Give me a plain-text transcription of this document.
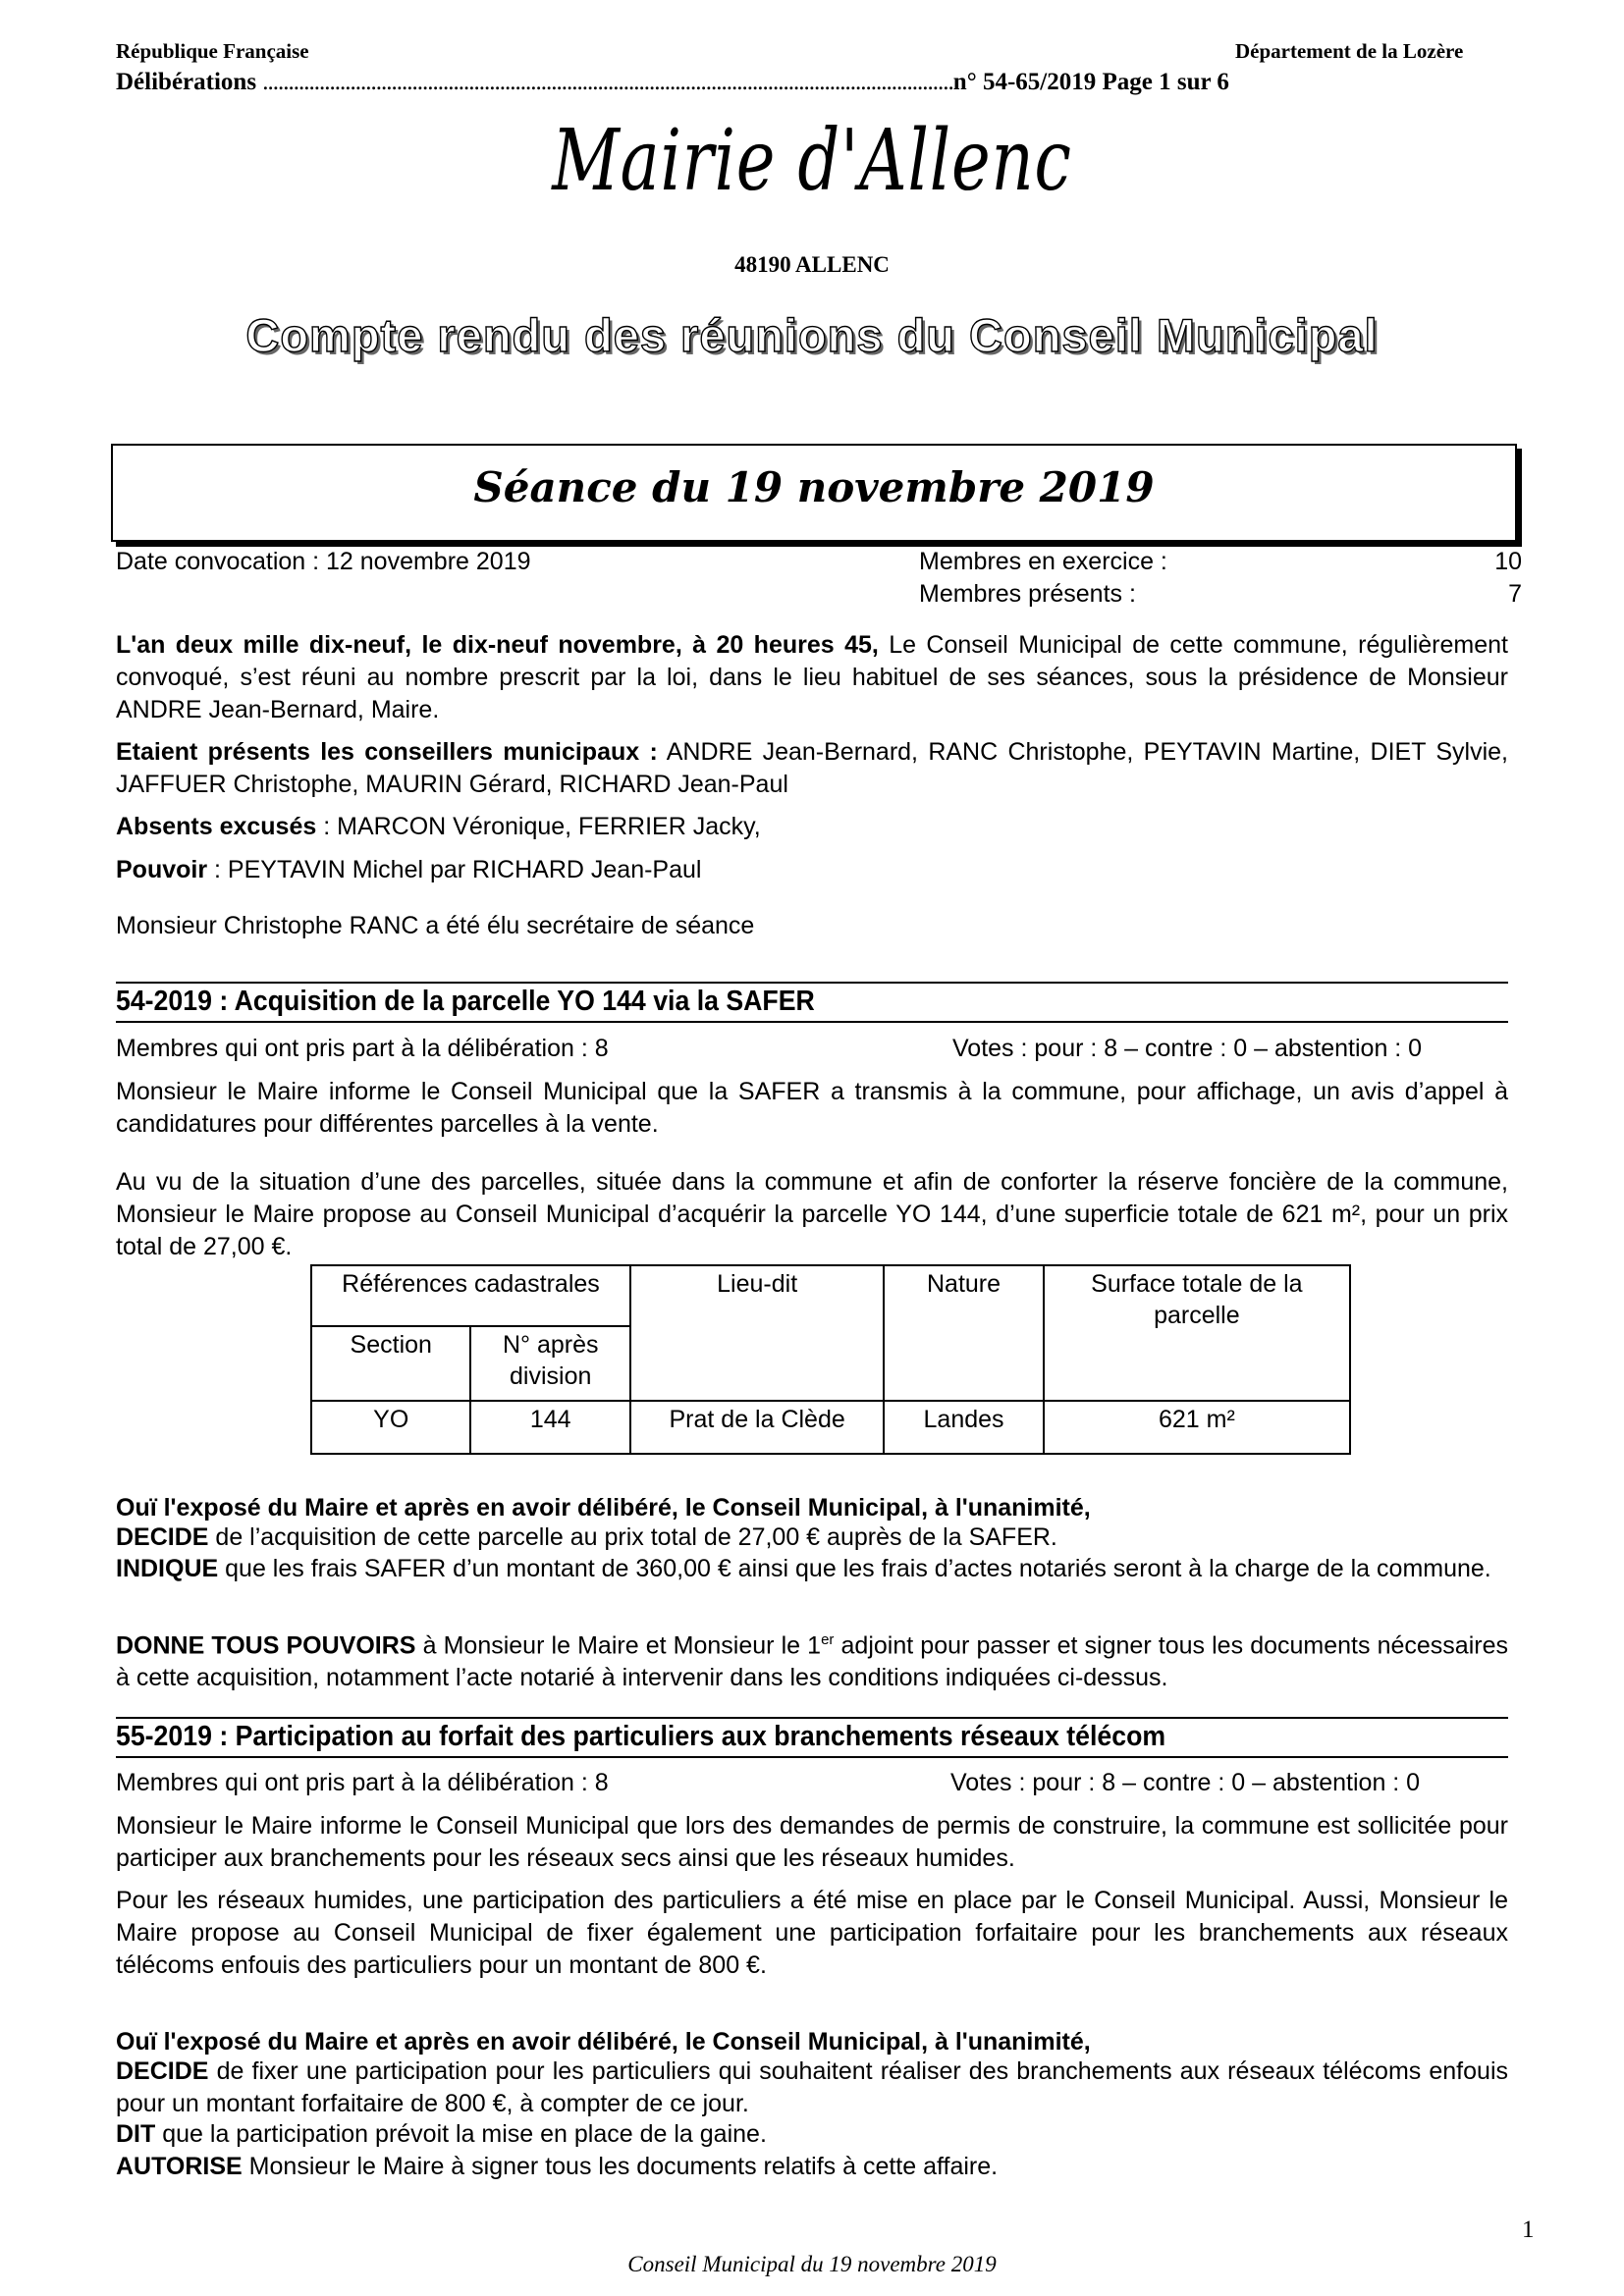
République Française	Département de la Lozère
Délibérations ......................................................................................................................................n° 54-65/2019 Page 1 sur 6
Mairie d'Allenc
48190 ALLENC
Compte rendu des réunions du Conseil Municipal
Séance du 19 novembre 2019
Date convocation : 12 novembre 2019	Membres en exercice :	10
Membres présents :	7
L'an deux mille dix-neuf, le dix-neuf novembre, à 20 heures 45, Le Conseil Municipal de cette commune, régulièrement convoqué, s’est réuni au nombre prescrit par la loi, dans le lieu habituel de ses séances, sous la présidence de Monsieur ANDRE Jean-Bernard, Maire.
Etaient présents les conseillers municipaux : ANDRE Jean-Bernard, RANC Christophe, PEYTAVIN Martine, DIET Sylvie, JAFFUER Christophe, MAURIN Gérard, RICHARD Jean-Paul
Absents excusés : MARCON Véronique, FERRIER Jacky,
Pouvoir : PEYTAVIN Michel par RICHARD Jean-Paul
Monsieur Christophe RANC a été élu secrétaire de séance
54-2019 : Acquisition de la parcelle YO 144 via la SAFER
Membres qui ont pris part à la délibération : 8	Votes : pour : 8 – contre : 0 – abstention : 0
Monsieur le Maire informe le Conseil Municipal que la SAFER a transmis à la commune, pour affichage, un avis d’appel à candidatures pour différentes parcelles à la vente.
Au vu de la situation d’une des parcelles, située dans la commune et afin de conforter la réserve foncière de la commune, Monsieur le Maire propose au Conseil Municipal d’acquérir la parcelle YO 144, d’une superficie totale de 621 m², pour un prix total de 27,00 €.
Références cadastrales		Lieu-dit	Nature	Surface totale de la parcelle
Section	N° après division			
YO	144	Prat de la Clède	Landes	621 m²
Ouï l'exposé du Maire et après en avoir délibéré, le Conseil Municipal, à l'unanimité,
DECIDE de l’acquisition de cette parcelle au prix total de 27,00 € auprès de la SAFER.
INDIQUE que les frais SAFER d’un montant de 360,00 € ainsi que les frais d’actes notariés seront à la charge de la commune.
DONNE TOUS POUVOIRS à Monsieur le Maire et Monsieur le 1er adjoint pour passer et signer tous les documents nécessaires à cette acquisition, notamment l’acte notarié à intervenir dans les conditions indiquées ci-dessus.
55-2019 : Participation au forfait des particuliers aux branchements réseaux télécom
Membres qui ont pris part à la délibération : 8	Votes : pour : 8 – contre : 0 – abstention : 0
Monsieur le Maire informe le Conseil Municipal que lors des demandes de permis de construire, la commune est sollicitée pour participer aux branchements pour les réseaux secs ainsi que les réseaux humides.
Pour les réseaux humides, une participation des particuliers a été mise en place par le Conseil Municipal. Aussi, Monsieur le Maire propose au Conseil Municipal de fixer également une participation forfaitaire pour les branchements aux réseaux télécoms enfouis des particuliers pour un montant de 800 €.
Ouï l'exposé du Maire et après en avoir délibéré, le Conseil Municipal, à l'unanimité,
DECIDE de fixer une participation pour les particuliers qui souhaitent réaliser des branchements aux réseaux télécoms enfouis pour un montant forfaitaire de 800 €, à compter de ce jour.
DIT que la participation prévoit la mise en place de la gaine.
AUTORISE Monsieur le Maire à signer tous les documents relatifs à cette affaire.
1
Conseil Municipal du 19 novembre 2019
